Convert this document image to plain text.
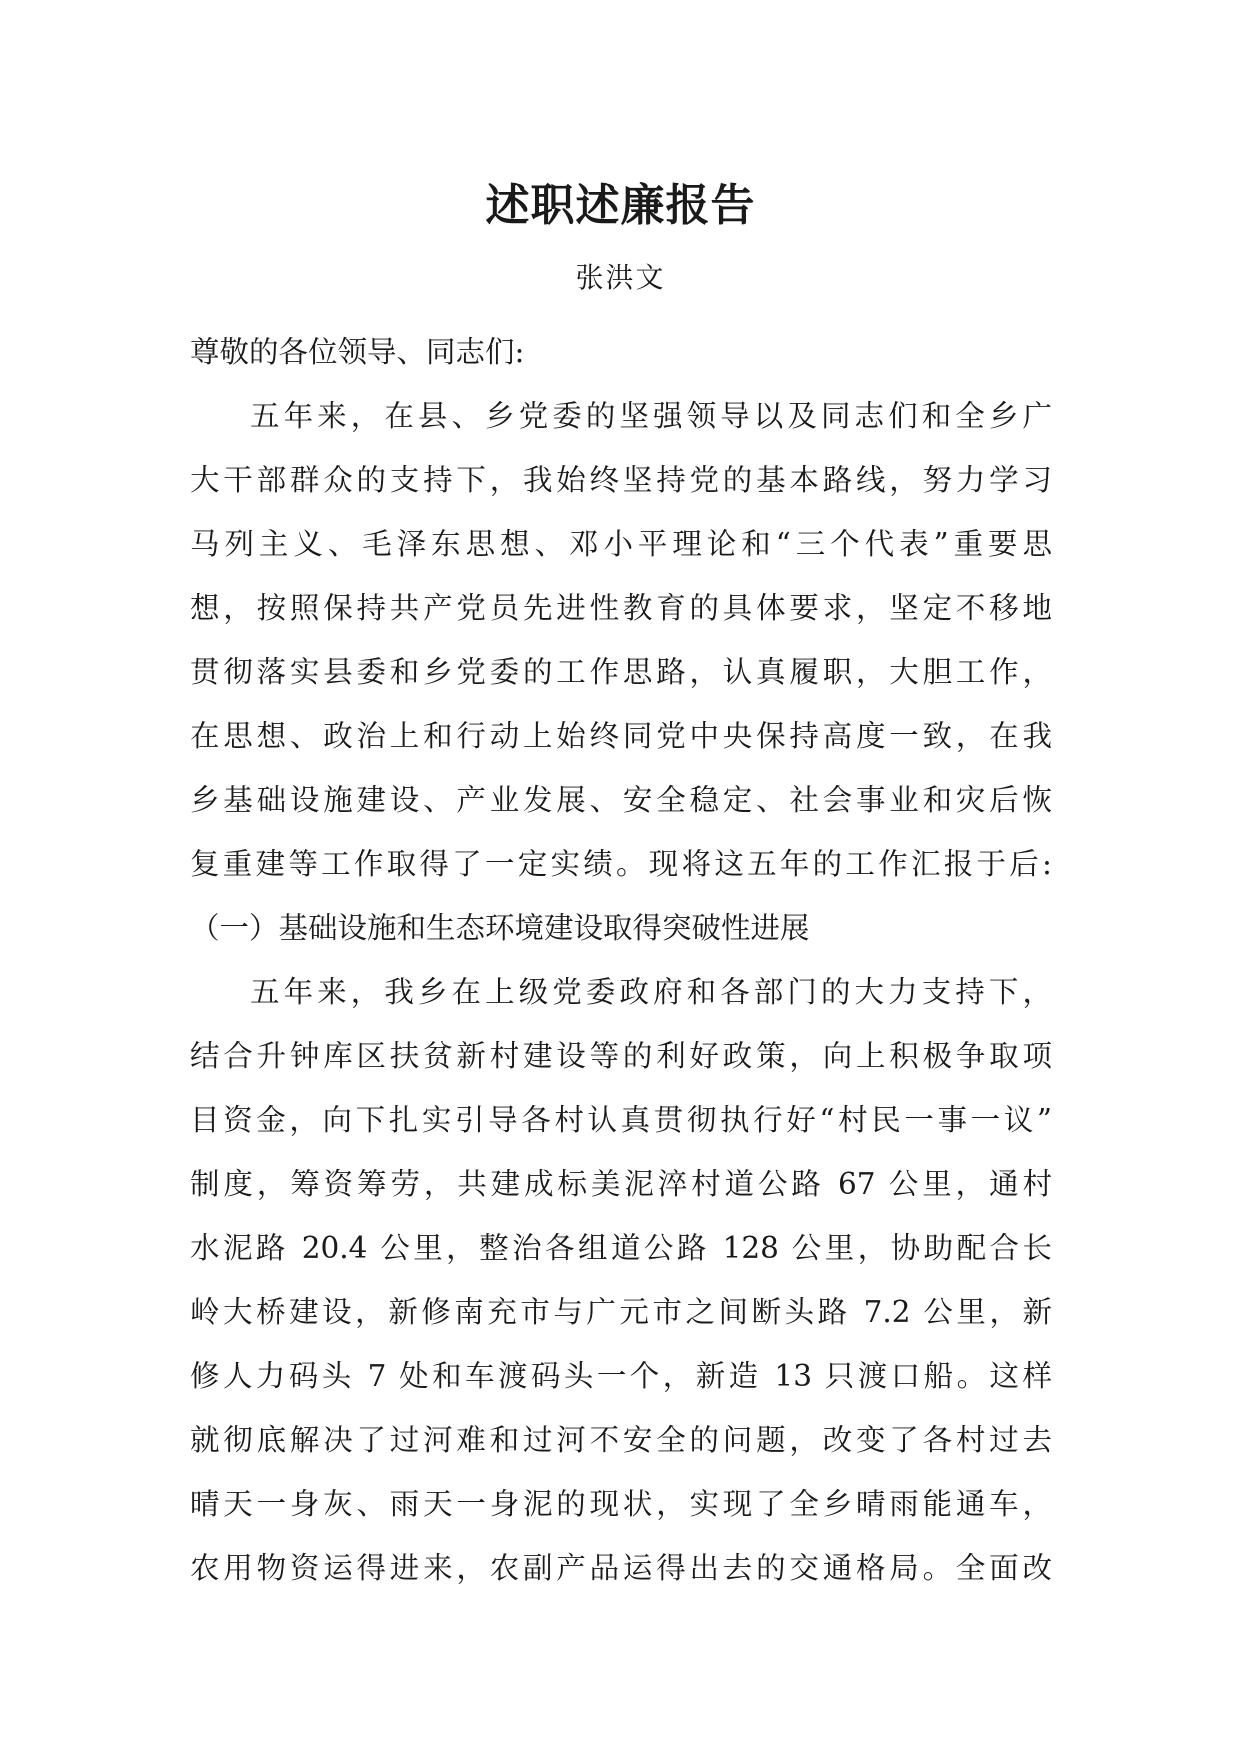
述职述廉报告
张洪文
尊敬的各位领导、同志们:
五年来，在县、乡党委的坚强领导以及同志们和全乡广
大干部群众的支持下，我始终坚持党的基本路线，努力学习
马列主义、毛泽东思想、邓小平理论和“三个代表”重要思
想，按照保持共产党员先进性教育的具体要求，坚定不移地
贯彻落实县委和乡党委的工作思路，认真履职，大胆工作，
在思想、政治上和行动上始终同党中央保持高度一致，在我
乡基础设施建设、产业发展、安全稳定、社会事业和灾后恢
复重建等工作取得了一定实绩。现将这五年的工作汇报于后:
（一）基础设施和生态环境建设取得突破性进展
五年来，我乡在上级党委政府和各部门的大力支持下，
结合升钟库区扶贫新村建设等的利好政策，向上积极争取项
目资金，向下扎实引导各村认真贯彻执行好“村民一事一议”
制度，筹资筹劳，共建成标美泥淬村道公路 67 公里，通村
水泥路 20.4 公里，整治各组道公路 128 公里，协助配合长
岭大桥建设，新修南充市与广元市之间断头路 7.2 公里，新
修人力码头 7 处和车渡码头一个，新造 13 只渡口船。这样
就彻底解决了过河难和过河不安全的问题，改变了各村过去
晴天一身灰、雨天一身泥的现状，实现了全乡晴雨能通车，
农用物资运得进来，农副产品运得出去的交通格局。全面改
